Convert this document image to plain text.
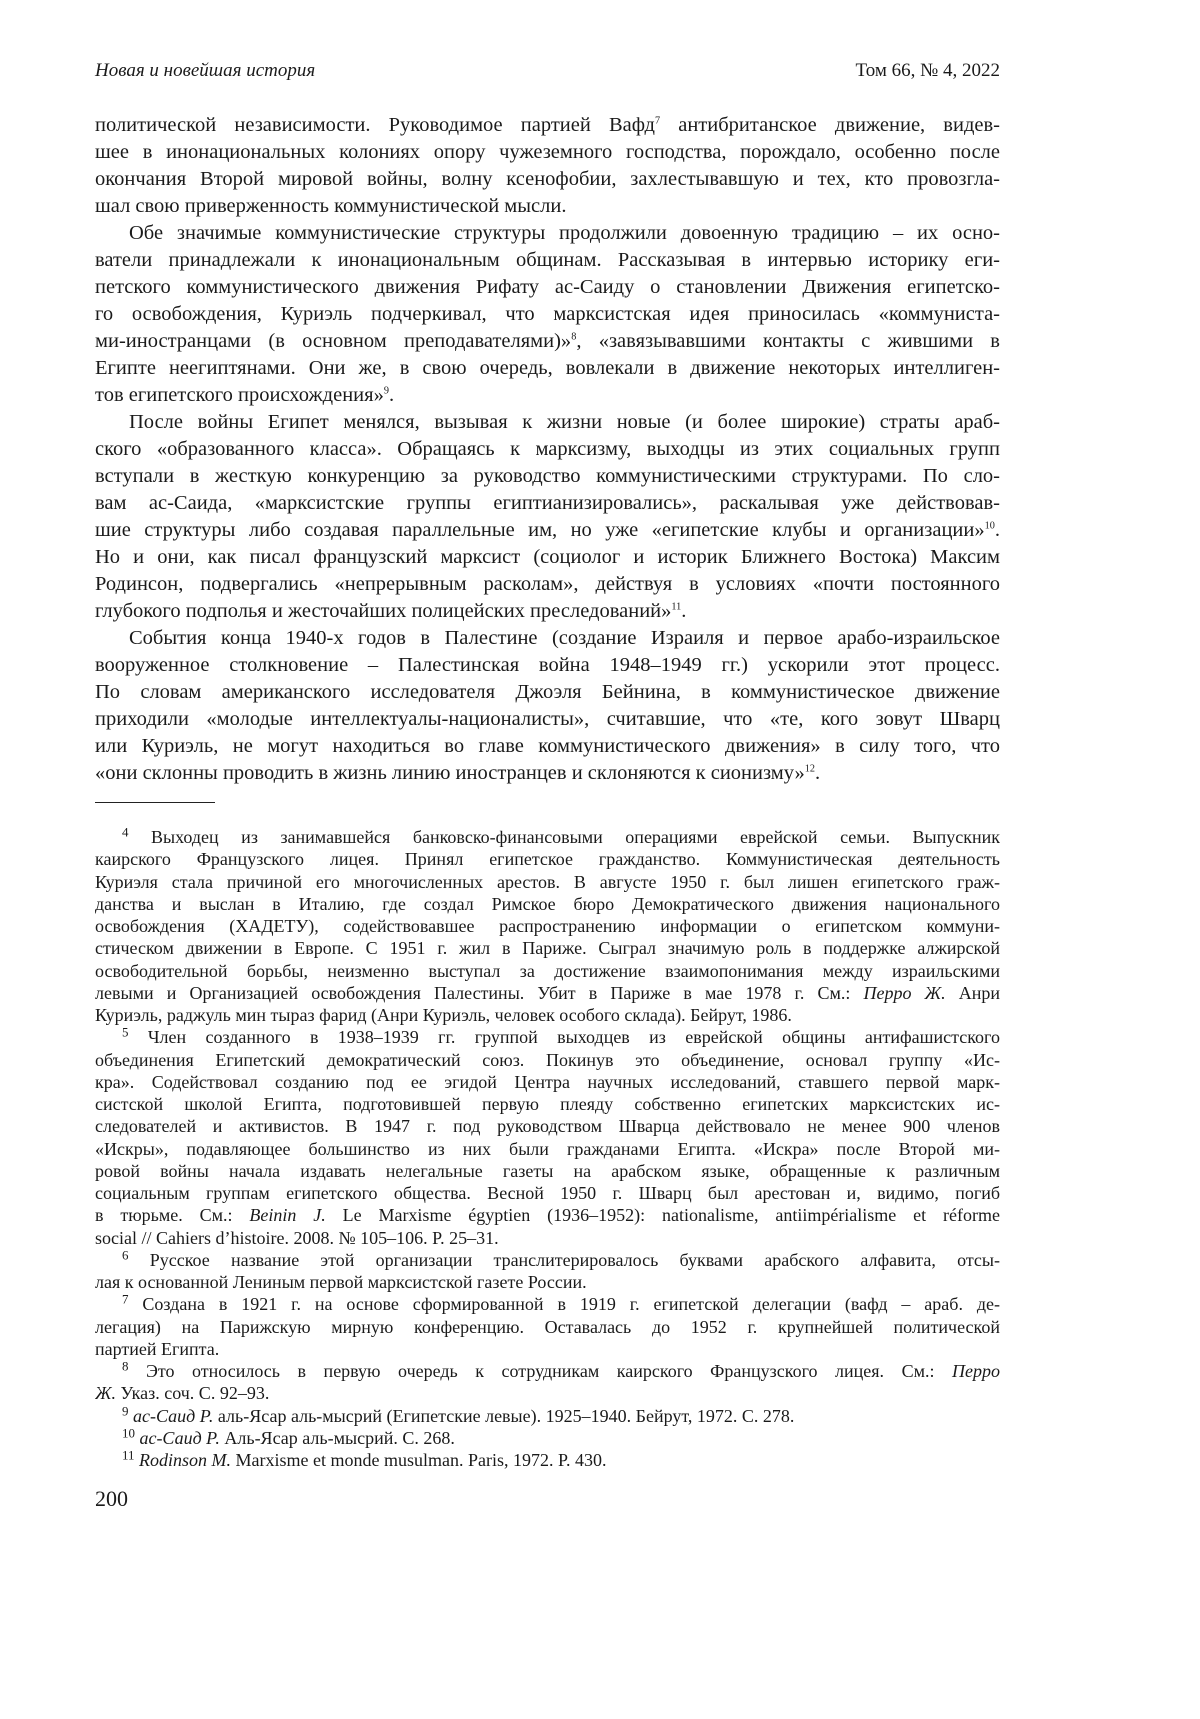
Новая и новейшая история	Том 66, № 4, 2022
политической независимости. Руководимое партией Вафд7 антибританское движение, видев-
шее в инонациональных колониях опору чужеземного господства, порождало, особенно после
окончания Второй мировой войны, волну ксенофобии, захлестывавшую и тех, кто провозгла-
шал свою приверженность коммунистической мысли.
Обе значимые коммунистические структуры продолжили довоенную традицию – их осно-
ватели принадлежали к инонациональным общинам. Рассказывая в интервью историку еги-
петского коммунистического движения Рифату ас-Саиду о становлении Движения египетско-
го освобождения, Куриэль подчеркивал, что марксистская идея приносилась «коммуниста-
ми-иностранцами (в основном преподавателями)»8, «завязывавшими контакты с жившими в
Египте неегиптянами. Они же, в свою очередь, вовлекали в движение некоторых интеллиген-
тов египетского происхождения»9.
После войны Египет менялся, вызывая к жизни новые (и более широкие) страты араб-
ского «образованного класса». Обращаясь к марксизму, выходцы из этих социальных групп
вступали в жесткую конкуренцию за руководство коммунистическими структурами. По сло-
вам ас-Саида, «марксистские группы египтианизировались», раскалывая уже действовав-
шие структуры либо создавая параллельные им, но уже «египетские клубы и организации»10.
Но и они, как писал французский марксист (социолог и историк Ближнего Востока) Максим
Родинсон, подвергались «непрерывным расколам», действуя в условиях «почти постоянного
глубокого подполья и жесточайших полицейских преследований»11.
События конца 1940-х годов в Палестине (создание Израиля и первое арабо-израильское
вооруженное столкновение – Палестинская война 1948–1949 гг.) ускорили этот процесс.
По словам американского исследователя Джоэля Бейнина, в коммунистическое движение
приходили «молодые интеллектуалы-националисты», считавшие, что «те, кого зовут Шварц
или Куриэль, не могут находиться во главе коммунистического движения» в силу того, что
«они склонны проводить в жизнь линию иностранцев и склоняются к сионизму»12.
4 Выходец из занимавшейся банковско-финансовыми операциями еврейской семьи. Выпускник
каирского Французского лицея. Принял египетское гражданство. Коммунистическая деятельность
Куриэля стала причиной его многочисленных арестов. В августе 1950 г. был лишен египетского граж-
данства и выслан в Италию, где создал Римское бюро Демократического движения национального
освобождения (ХАДЕТУ), содействовавшее распространению информации о египетском коммуни-
стическом движении в Европе. С 1951 г. жил в Париже. Сыграл значимую роль в поддержке алжирской
освободительной борьбы, неизменно выступал за достижение взаимопонимания между израильскими
левыми и Организацией освобождения Палестины. Убит в Париже в мае 1978 г. См.: Перро Ж. Анри
Куриэль, раджуль мин тыраз фарид (Анри Куриэль, человек особого склада). Бейрут, 1986.
5 Член созданного в 1938–1939 гг. группой выходцев из еврейской общины антифашистского
объединения Египетский демократический союз. Покинув это объединение, основал группу «Ис-
кра». Содействовал созданию под ее эгидой Центра научных исследований, ставшего первой марк-
систской школой Египта, подготовившей первую плеяду собственно египетских марксистских ис-
следователей и активистов. В 1947 г. под руководством Шварца действовало не менее 900 членов
«Искры», подавляющее большинство из них были гражданами Египта. «Искра» после Второй ми-
ровой войны начала издавать нелегальные газеты на арабском языке, обращенные к различным
социальным группам египетского общества. Весной 1950 г. Шварц был арестован и, видимо, погиб
в тюрьме. См.: Beinin J. Le Marxisme égyptien (1936–1952): nationalisme, antiimpérialisme et réforme
social // Cahiers d’histoire. 2008. № 105–106. P. 25–31.
6 Русское название этой организации транслитерировалось буквами арабского алфавита, отсы-
лая к основанной Лениным первой марксистской газете России.
7 Создана в 1921 г. на основе сформированной в 1919 г. египетской делегации (вафд – араб. де-
легация) на Парижскую мирную конференцию. Оставалась до 1952 г. крупнейшей политической
партией Египта.
8 Это относилось в первую очередь к сотрудникам каирского Французского лицея. См.: Перро
Ж. Указ. соч. С. 92–93.
9 ас-Саид Р. аль-Ясар аль-мысрий (Египетские левые). 1925–1940. Бейрут, 1972. С. 278.
10 ас-Саид Р. Аль-Ясар аль-мысрий. С. 268.
11 Rodinson M. Marxisme et monde musulman. Paris, 1972. P. 430.
200
